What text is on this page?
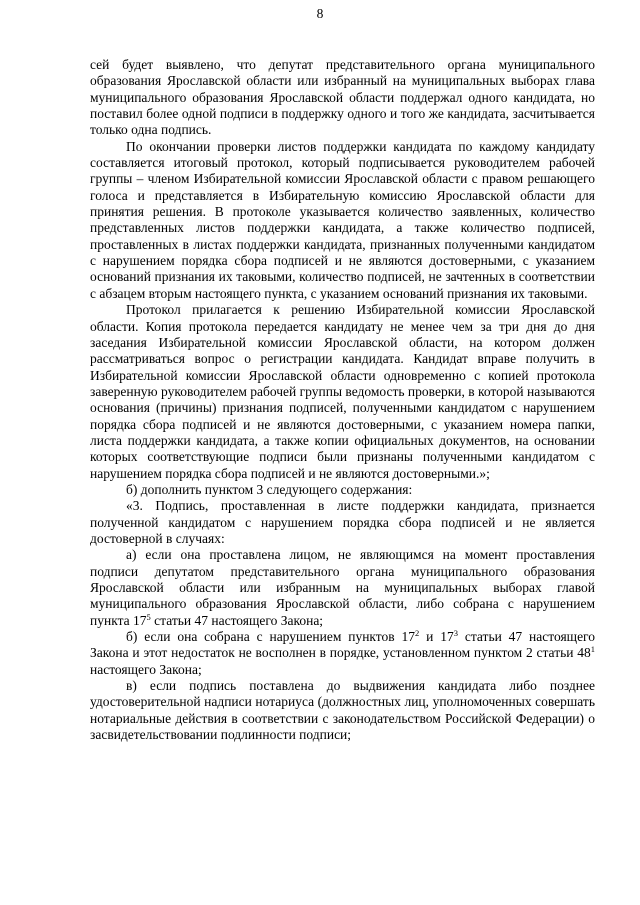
8

сей будет выявлено, что депутат представительного органа муниципального образования Ярославской области или избранный на муниципальных выборах глава муниципального образования Ярославской области поддержал одного кандидата, но поставил более одной подписи в поддержку одного и того же кандидата, засчитывается только одна подпись.

По окончании проверки листов поддержки кандидата по каждому кандидату составляется итоговый протокол, который подписывается руководителем рабочей группы – членом Избирательной комиссии Ярославской области с правом решающего голоса и представляется в Избирательную комиссию Ярославской области для принятия решения. В протоколе указывается количество заявленных, количество представленных листов поддержки кандидата, а также количество подписей, проставленных в листах поддержки кандидата, признанных полученными кандидатом с нарушением порядка сбора подписей и не являются достоверными, с указанием оснований признания их таковыми, количество подписей, не зачтенных в соответствии с абзацем вторым настоящего пункта, с указанием оснований признания их таковыми.

Протокол прилагается к решению Избирательной комиссии Ярославской области. Копия протокола передается кандидату не менее чем за три дня до дня заседания Избирательной комиссии Ярославской области, на котором должен рассматриваться вопрос о регистрации кандидата. Кандидат вправе получить в Избирательной комиссии Ярославской области одновременно с копией протокола заверенную руководителем рабочей группы ведомость проверки, в которой называются основания (причины) признания подписей, полученными кандидатом с нарушением порядка сбора подписей и не являются достоверными, с указанием номера папки, листа поддержки кандидата, а также копии официальных документов, на основании которых соответствующие подписи были признаны полученными кандидатом с нарушением порядка сбора подписей и не являются достоверными.»;

б) дополнить пунктом 3 следующего содержания:

«3. Подпись, проставленная в листе поддержки кандидата, признается полученной кандидатом с нарушением порядка сбора подписей и не является достоверной в случаях:

а) если она проставлена лицом, не являющимся на момент проставления подписи депутатом представительного органа муниципального образования Ярославской области или избранным на муниципальных выборах главой муниципального образования Ярославской области, либо собрана с нарушением пункта $17^5$ статьи 47 настоящего Закона;

б) если она собрана с нарушением пунктов $17^2$ и $17^3$ статьи 47 настоящего Закона и этот недостаток не восполнен в порядке, установленном пунктом 2 статьи $48^1$ настоящего Закона;

в) если подпись поставлена до выдвижения кандидата либо позднее удостоверительной надписи нотариуса (должностных лиц, уполномоченных совершать нотариальные действия в соответствии с законодательством Российской Федерации) о засвидетельствовании подлинности подписи;
